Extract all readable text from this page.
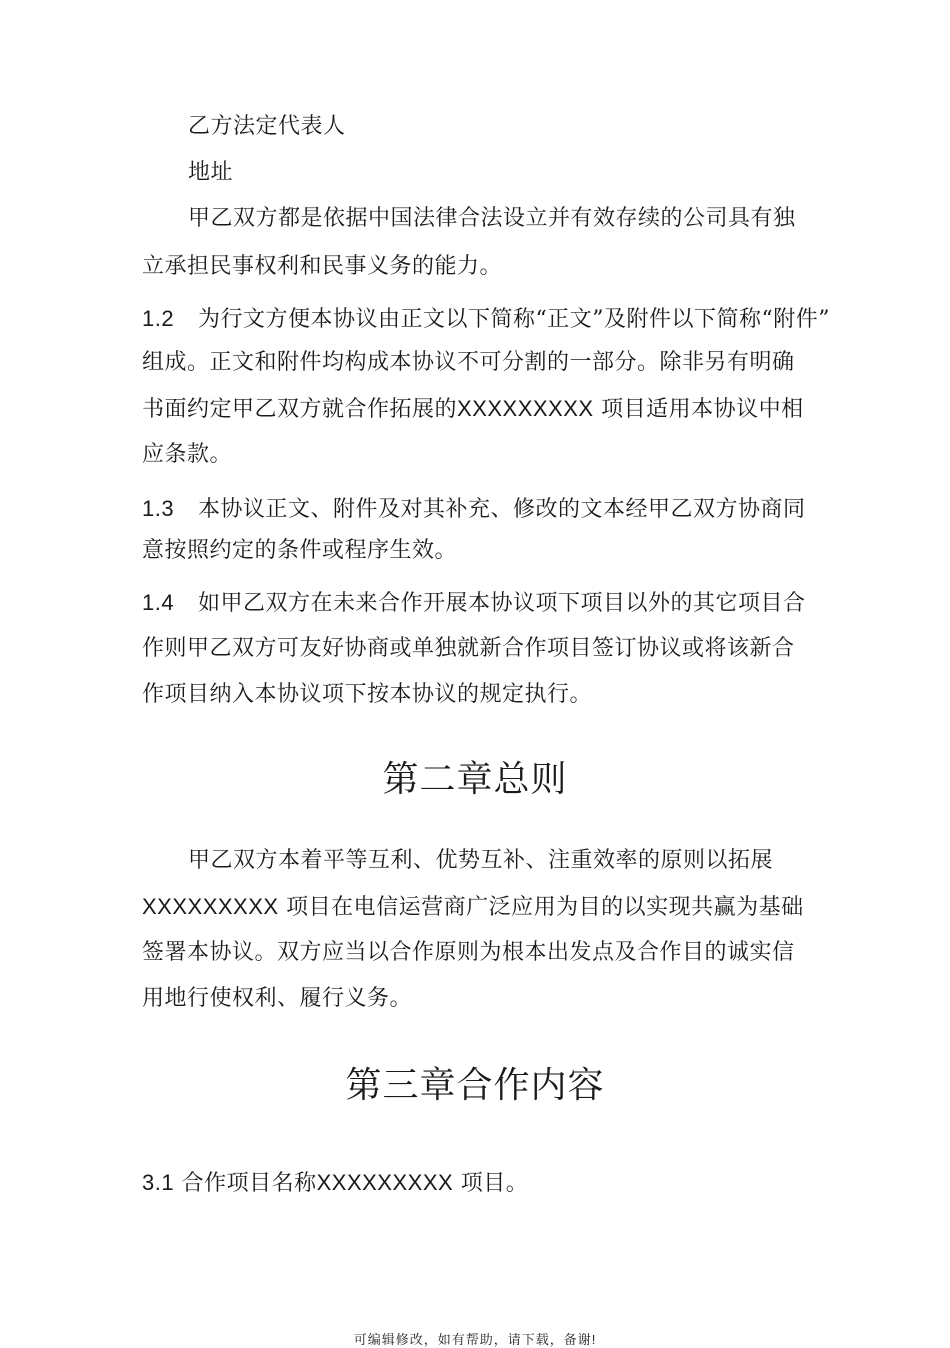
乙方法定代表人
地址
甲乙双方都是依据中国法律合法设立并有效存续的公司具有独
立承担民事权利和民事义务的能力。
1.2 为行文方便本协议由正文以下简称“正文”及附件以下简称“附件”
组成。正文和附件均构成本协议不可分割的一部分。除非另有明确
书面约定甲乙双方就合作拓展的XXXXXXXXX 项目适用本协议中相
应条款。
1.3 本协议正文、附件及对其补充、修改的文本经甲乙双方协商同
意按照约定的条件或程序生效。
1.4 如甲乙双方在未来合作开展本协议项下项目以外的其它项目合
作则甲乙双方可友好协商或单独就新合作项目签订协议或将该新合
作项目纳入本协议项下按本协议的规定执行。
第二章总则
甲乙双方本着平等互利、优势互补、注重效率的原则以拓展
XXXXXXXXX 项目在电信运营商广泛应用为目的以实现共赢为基础
签署本协议。双方应当以合作原则为根本出发点及合作目的诚实信
用地行使权利、履行义务。
第三章合作内容
3.1 合作项目名称XXXXXXXXX 项目。
可编辑修改，如有帮助，请下载，备谢!
